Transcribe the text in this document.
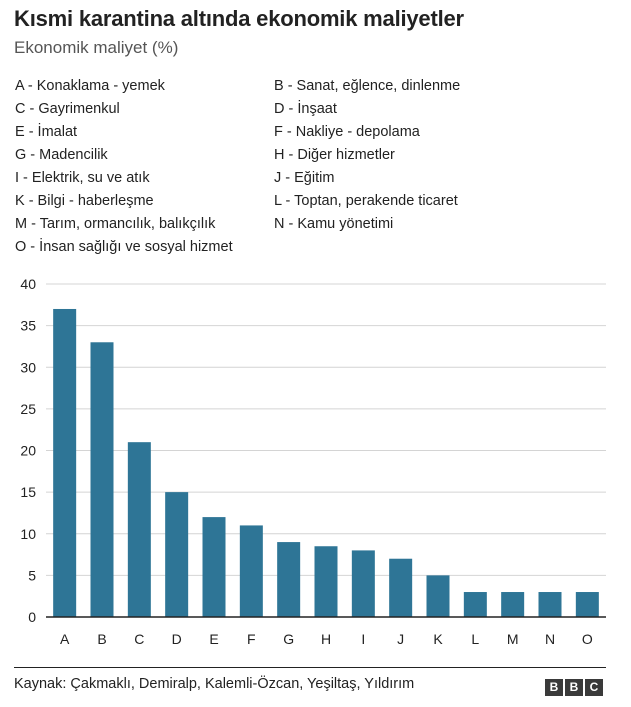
Kısmi karantina altında ekonomik maliyetler
Ekonomik maliyet (%)
A - Konaklama - yemek	B - Sanat, eğlence, dinlenme
C - Gayrimenkul	D - İnşaat
E - İmalat	F - Nakliye - depolama
G - Madencilik	H - Diğer hizmetler
I - Elektrik, su ve atık	J - Eğitim
K - Bilgi - haberleşme	L - Toptan, perakende ticaret
M - Tarım, ormancılık, balıkçılık	N - Kamu yönetimi
O - İnsan sağlığı ve sosyal hizmet
0
5
10
15
20
25
30
35
40
A B C D E F G H I J K L M N O
Kaynak: Çakmaklı, Demiralp, Kalemli-Özcan, Yeşiltaş, Yıldırım	B B C
